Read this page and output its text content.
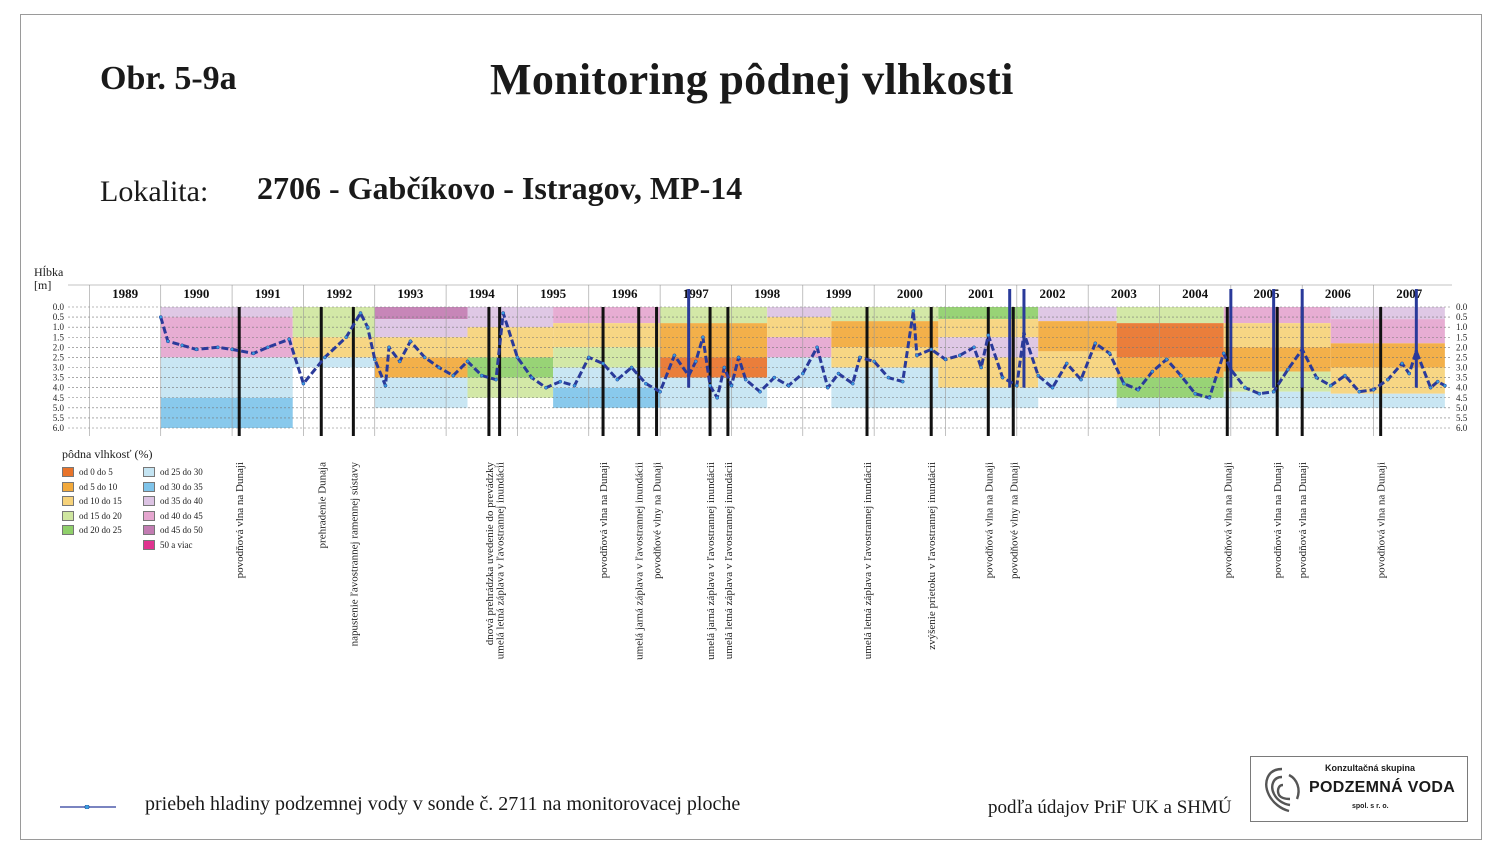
Obr. 5-9a	Monitoring pôdnej vlhkosti
Lokalita: 2706 - Gabčíkovo - Istragov, MP-14
Hĺbka
[m]
0.0	0.0
0.5	0.5
1.0	1.0
1.5	1.5
2.0	2.0
2.5	2.5
3.0	3.0
3.5	3.5
4.0	4.0
4.5	4.5
5.0	5.0
5.5	5.5
6.0	6.0
1989	1990	1991	1992	1993	1994	1995	1996	1997	1998	1999	2000	2001	2002	2003	2004	2005	2006	2007
povodňová vlna na Dunaji	prehradenie Dunaja napustenie ľavostrannej ramennej sústavy	dnová prehrádzka uvedenie do prevádzky
umelá letná záplava v ľavostrannej inundácii	povodňová vlna na Dunaji umelá jarná záplava v ľavostrannej inundácii povodňové vlny na Dunaji	umelá jarná záplava v ľavostrannej inundácii umelá letná záplava v ľavostrannej inundácii	umelá letná záplava v ľavostrannej inundácii	zvýšenie prietoku v ľavostrannej inundácii	povodňová vlna na Dunaji povodňové vlny na Dunaji	povodňová vlna na Dunaji	povodňová vlna na Dunaji povodňová vlna na Dunaji	povodňová vlna na Dunaji
pôdna vlhkosť (%)
od 0 do 5
od 5 do 10
od 10 do 15
od 15 do 20
od 20 do 25
od 25 do 30
od 30 do 35
od 35 do 40
od 40 do 45
od 45 do 50
50 a viac
priebeh hladiny podzemnej vody v sonde č. 2711 na monitorovacej ploche	podľa údajov PriF UK a SHMÚ
Konzultačná skupina
PODZEMNÁ VODA
spol. s r. o.
